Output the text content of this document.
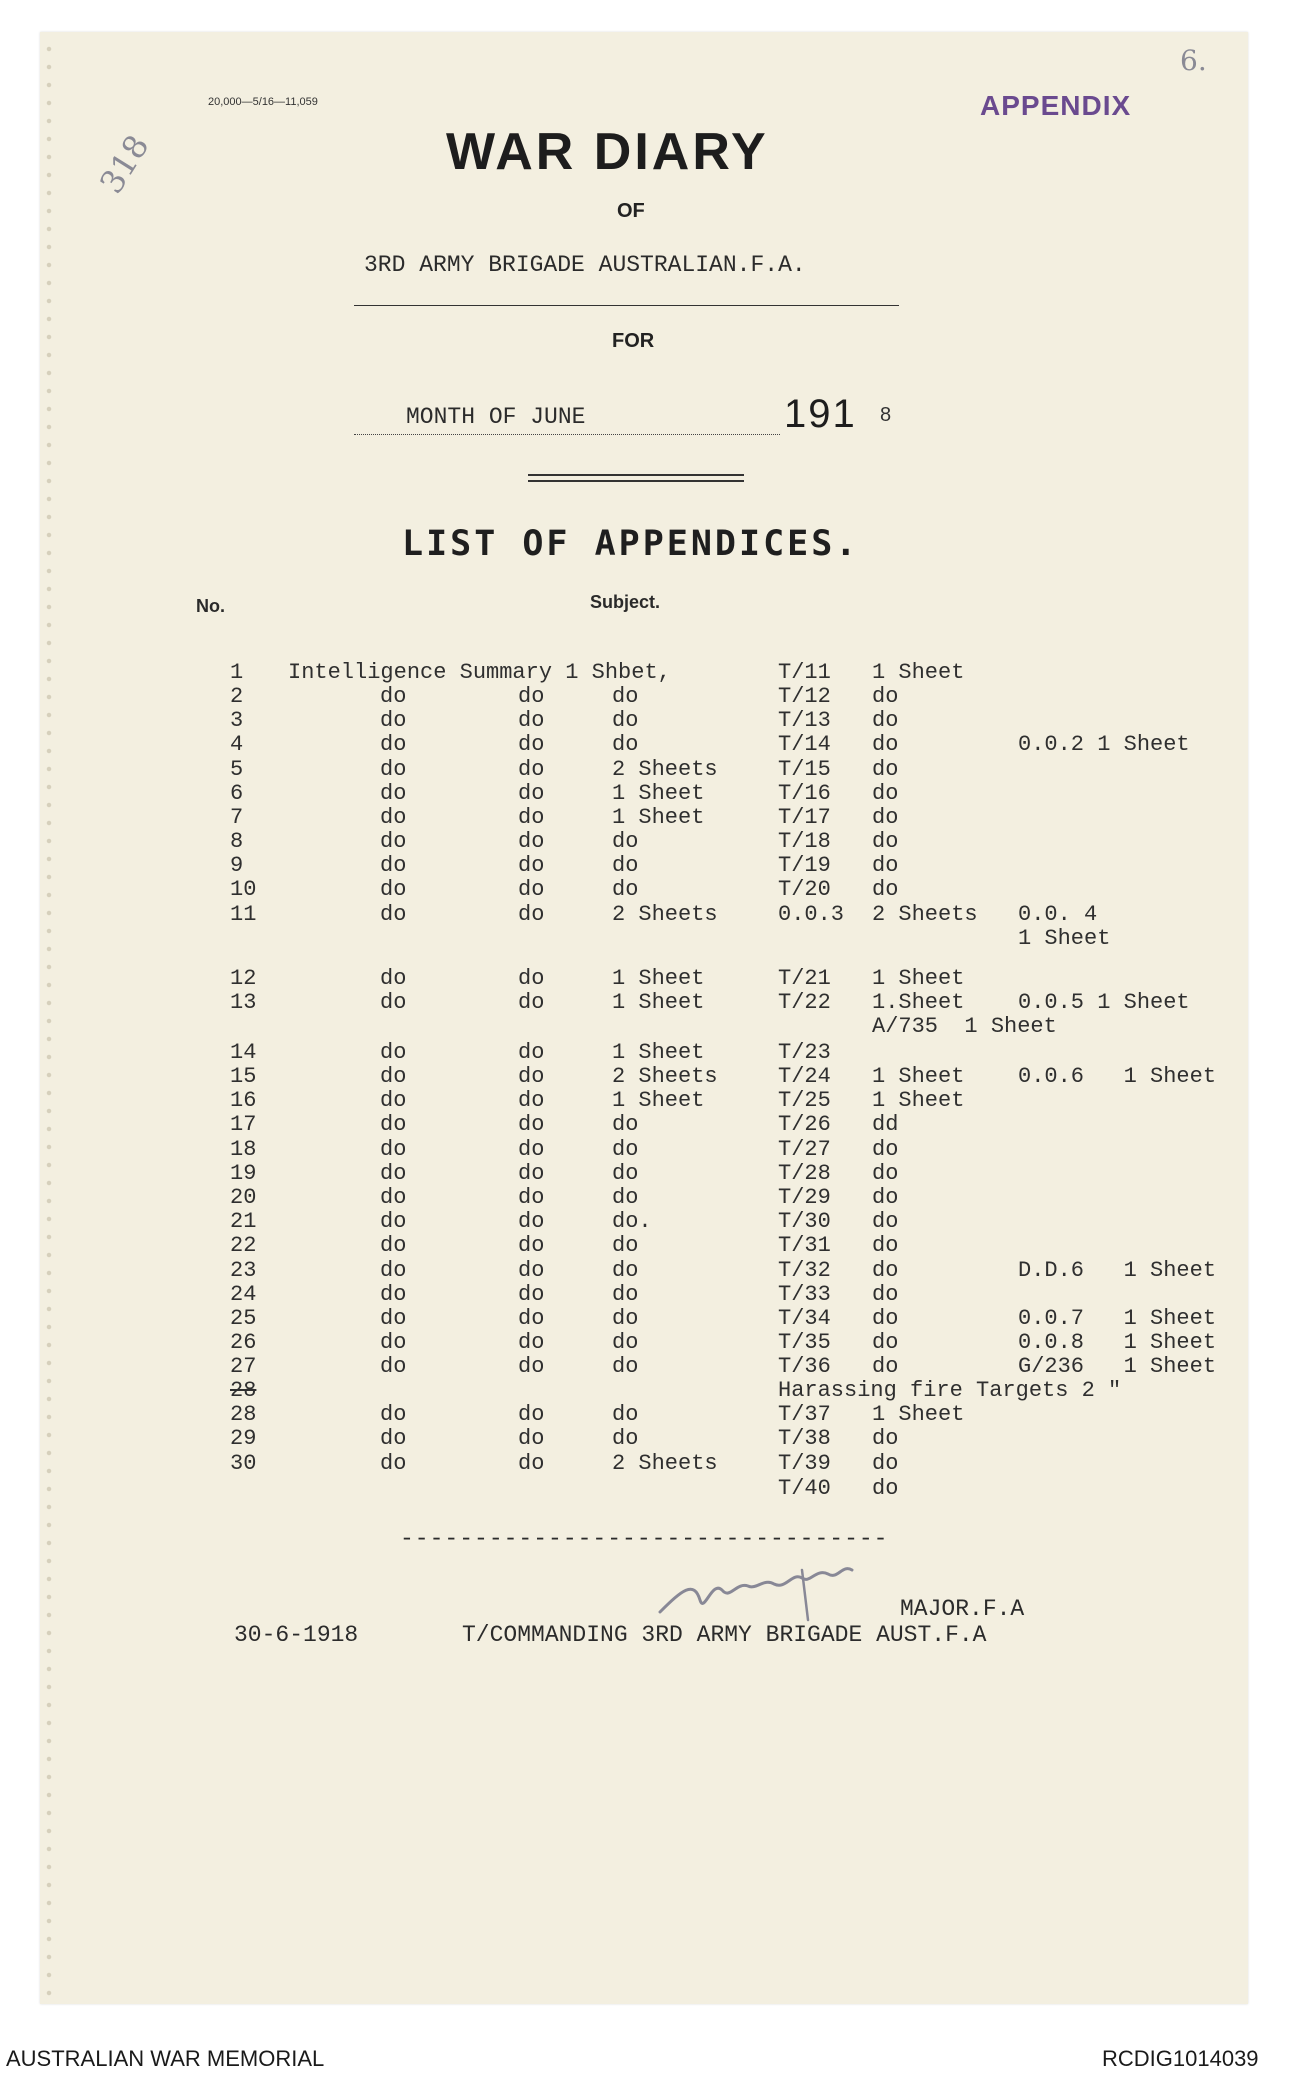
20,000—5/16—11,059	APPENDIX
6.
318	WAR DIARY
OF
3RD ARMY BRIGADE AUSTRALIAN.F.A.
FOR
MONTH OF JUNE	191 8
LIST OF APPENDICES.
No.	Subject.
1 Intelligence Summary 1 Shbet,	T/11 1 Sheet
2	do	do	do	T/12 do
3	do	do	do	T/13 do
4	do	do	do	T/14 do	0.0.2 1 Sheet
5	do	do	2 Sheets	T/15 do
6	do	do	1 Sheet	T/16 do
7	do	do	1 Sheet	T/17 do
8	do	do	do	T/18 do
9	do	do	do	T/19 do
10	do	do	do	T/20 do
11	do	do	2 Sheets	0.0.3 2 Sheets 0.0. 4
1 Sheet
12	do	do	1 Sheet	T/21 1 Sheet
13	do	do	1 Sheet	T/22 1.Sheet 0.0.5 1 Sheet
A/735  1 Sheet
14	do	do	1 Sheet	T/23
15	do	do	2 Sheets	T/24 1 Sheet 0.0.6   1 Sheet
16	do	do	1 Sheet	T/25 1 Sheet
17	do	do	do	T/26 dd
18	do	do	do	T/27 do
19	do	do	do	T/28 do
20	do	do	do	T/29 do
21	do	do	do.	T/30 do
22	do	do	do	T/31 do
23	do	do	do	T/32 do	D.D.6   1 Sheet
24	do	do	do	T/33 do
25	do	do	do	T/34 do	0.0.7   1 Sheet
26	do	do	do	T/35 do	0.0.8   1 Sheet
27	do	do	do	T/36 do	G/236   1 Sheet
28	Harassing fire Targets 2 "
28	do	do	do	T/37 1 Sheet
29	do	do	do	T/38 do
30	do	do	2 Sheets	T/39 do
T/40 do
---------------------------------
MAJOR.F.A
30-6-1918	T/COMMANDING 3RD ARMY BRIGADE AUST.F.A
AUSTRALIAN WAR MEMORIAL	RCDIG1014039
